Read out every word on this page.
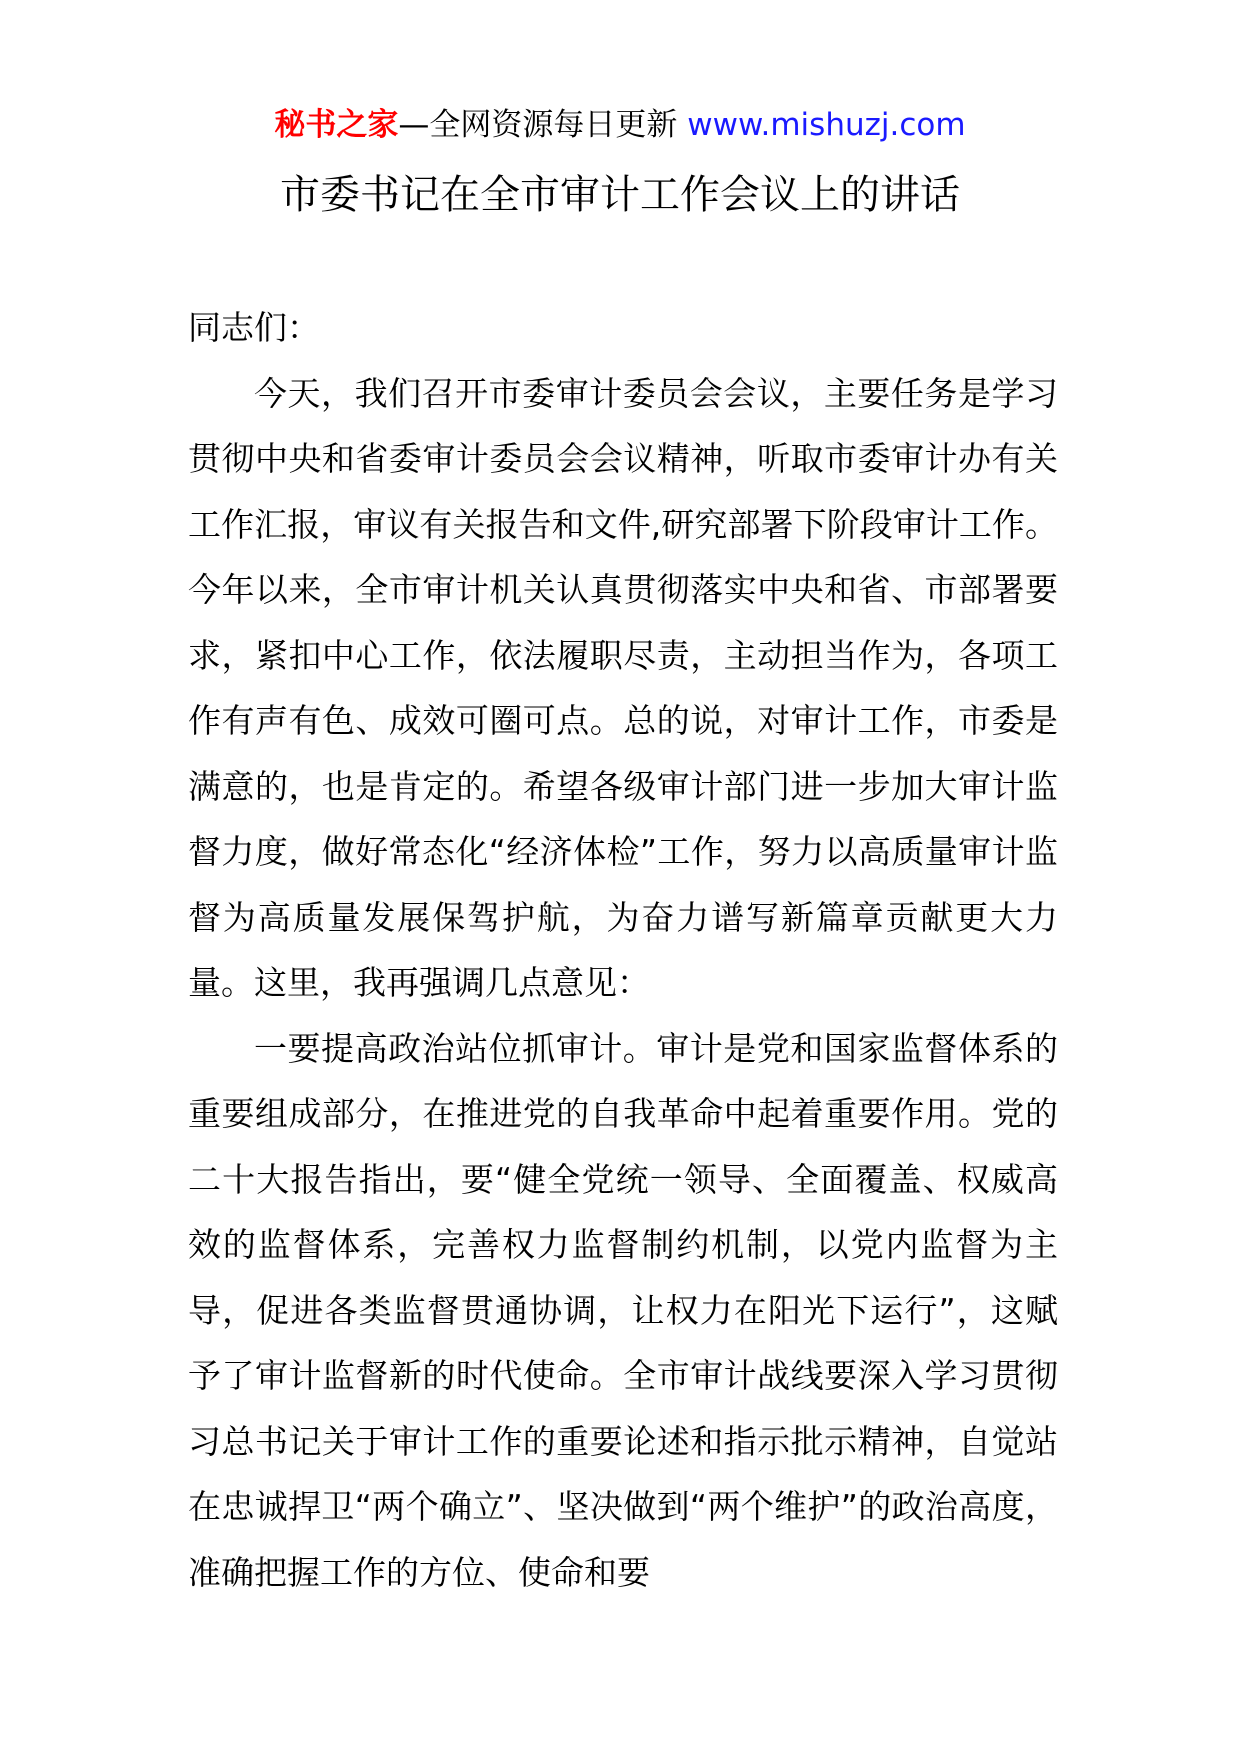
秘书之家—全网资源每日更新 www.mishuzj.com
市委书记在全市审计工作会议上的讲话

同志们：

今天，我们召开市委审计委员会会议，主要任务是学习贯彻中央和省委审计委员会会议精神，听取市委审计办有关工作汇报，审议有关报告和文件,研究部署下阶段审计工作。今年以来，全市审计机关认真贯彻落实中央和省、市部署要求，紧扣中心工作，依法履职尽责，主动担当作为，各项工作有声有色、成效可圈可点。总的说，对审计工作，市委是满意的，也是肯定的。希望各级审计部门进一步加大审计监督力度，做好常态化“经济体检”工作，努力以高质量审计监督为高质量发展保驾护航，为奋力谱写新篇章贡献更大力量。这里，我再强调几点意见：

一要提高政治站位抓审计。审计是党和国家监督体系的重要组成部分，在推进党的自我革命中起着重要作用。党的二十大报告指出，要“健全党统一领导、全面覆盖、权威高效的监督体系，完善权力监督制约机制，以党内监督为主导，促进各类监督贯通协调，让权力在阳光下运行”，这赋予了审计监督新的时代使命。全市审计战线要深入学习贯彻习总书记关于审计工作的重要论述和指示批示精神，自觉站在忠诚捍卫“两个确立”、坚决做到“两个维护”的政治高度，准确把握工作的方位、使命和要
